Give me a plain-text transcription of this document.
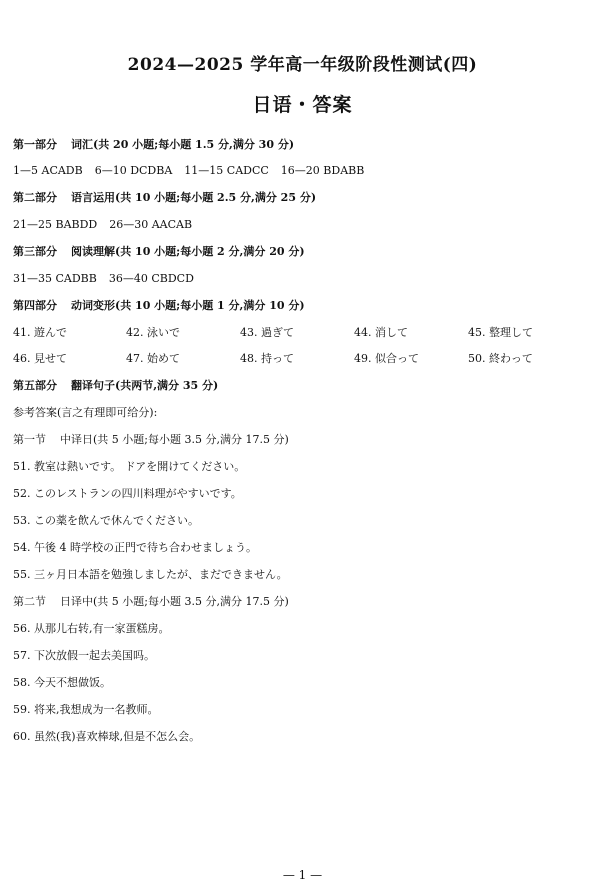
2024—2025 学年高一年级阶段性测试(四)
日语・答案
第一部分 词汇(共 20 小题;每小题 1.5 分,满分 30 分)
1—5 ACADB 6—10 DCDBA 11—15 CADCC 16—20 BDABB
第二部分 语言运用(共 10 小题;每小题 2.5 分,满分 25 分)
21—25 BABDD 26—30 AACAB
第三部分 阅读理解(共 10 小题;每小题 2 分,满分 20 分)
31—35 CADBB 36—40 CBDCD
第四部分 动词变形(共 10 小题;每小题 1 分,满分 10 分)
41. 遊んで	42. 泳いで	43. 過ぎて	44. 消して	45. 整理して
46. 見せて	47. 始めて	48. 持って	49. 似合って	50. 終わって
第五部分 翻译句子(共两节,满分 35 分)
参考答案(言之有理即可给分):
第一节 中译日(共 5 小题;每小题 3.5 分,满分 17.5 分)
51. 教室は熱いです。 ドアを開けてください。
52. このレストランの四川料理がやすいです。
53. この薬を飲んで休んでください。
54. 午後 4 時学校の正門で待ち合わせましょう。
55. 三ヶ月日本語を勉強しましたが、まだできません。
第二节 日译中(共 5 小题;每小题 3.5 分,满分 17.5 分)
56. 从那儿右转,有一家蛋糕房。
57. 下次放假一起去美国吗。
58. 今天不想做饭。
59. 将来,我想成为一名教师。
60. 虽然(我)喜欢棒球,但是不怎么会。
— 1 —
